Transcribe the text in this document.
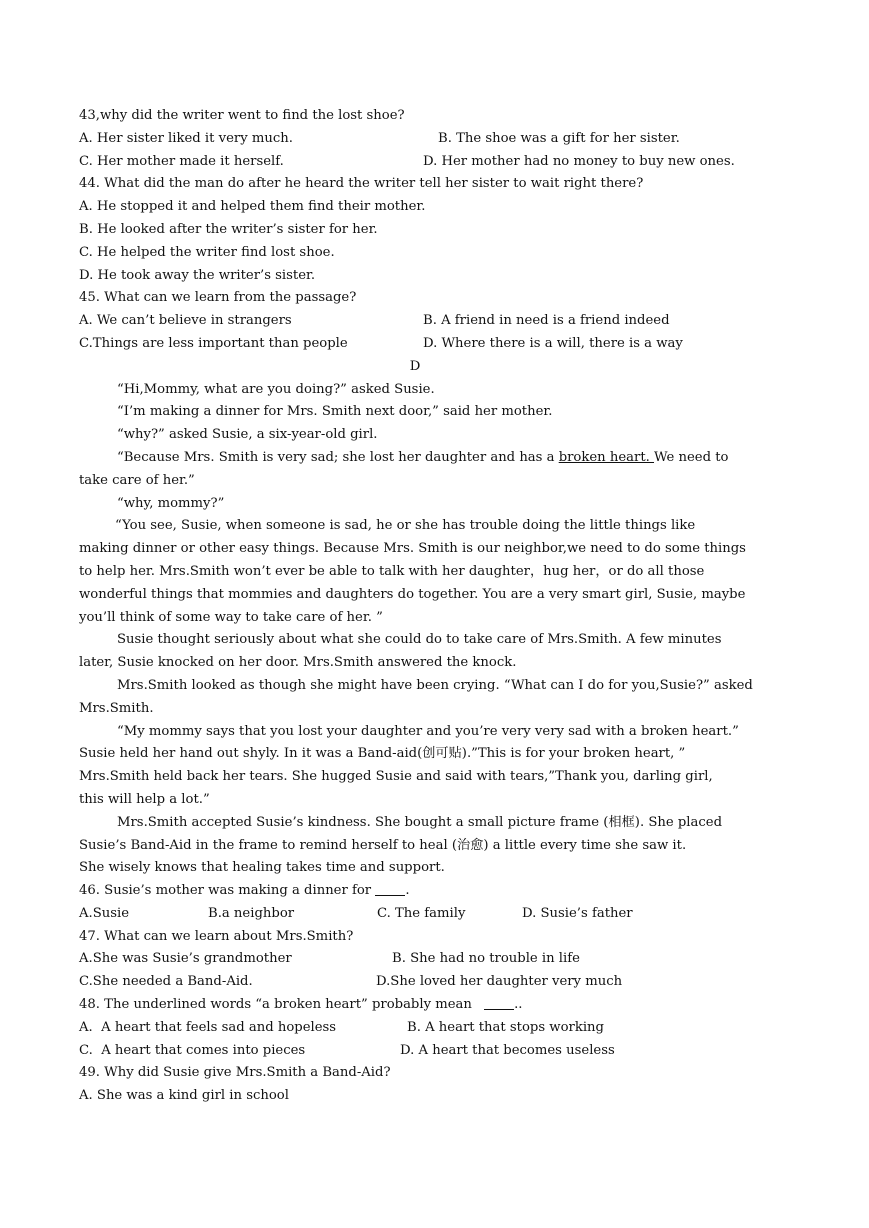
43,why did the writer went to find the lost shoe?
A. Her sister liked it very much.	B. The shoe was a gift for her sister.
C. Her mother made it herself.	D. Her mother had no money to buy new ones.
44. What did the man do after he heard the writer tell her sister to wait right there?
A. He stopped it and helped them find their mother.
B. He looked after the writer’s sister for her.
C. He helped the writer find lost shoe.
D. He took away the writer’s sister.
45. What can we learn from the passage?
A. We can’t believe in strangers	B. A friend in need is a friend indeed
C.Things are less important than people	D. Where there is a will, there is a way
D
“Hi,Mommy, what are you doing?” asked Susie.
“I’m making a dinner for Mrs. Smith next door,” said her mother.
“why?” asked Susie, a six-year-old girl.
“Because Mrs. Smith is very sad; she lost her daughter and has a broken heart. We need to
take care of her.”
“why, mommy?”
“You see, Susie, when someone is sad, he or she has trouble doing the little things like
making dinner or other easy things. Because Mrs. Smith is our neighbor,we need to do some things
to help her. Mrs.Smith won’t ever be able to talk with her daughter，hug her，or do all those
wonderful things that mommies and daughters do together. You are a very smart girl, Susie, maybe
you’ll think of some way to take care of her. ”
Susie thought seriously about what she could do to take care of Mrs.Smith. A few minutes
later, Susie knocked on her door. Mrs.Smith answered the knock.
Mrs.Smith looked as though she might have been crying. “What can I do for you,Susie?” asked
Mrs.Smith.
“My mommy says that you lost your daughter and you’re very very sad with a broken heart.”
Susie held her hand out shyly. In it was a Band-aid(创可贴).”This is for your broken heart, ”
Mrs.Smith held back her tears. She hugged Susie and said with tears,”Thank you, darling girl,
this will help a lot.”
Mrs.Smith accepted Susie’s kindness. She bought a small picture frame (相框). She placed
Susie’s Band-Aid in the frame to remind herself to heal (治愈) a little every time she saw it.
She wisely knows that healing takes time and support.
46. Susie’s mother was making a dinner for .
A.Susie	B.a neighbor	C. The family	D. Susie’s father
47. What can we learn about Mrs.Smith?
A.She was Susie’s grandmother	B. She had no trouble in life
C.She needed a Band-Aid.	D.She loved her daughter very much
48. The underlined words “a broken heart” probably mean	..
A.  A heart that feels sad and hopeless	B. A heart that stops working
C.  A heart that comes into pieces	D. A heart that becomes useless
49. Why did Susie give Mrs.Smith a Band-Aid?
A. She was a kind girl in school
